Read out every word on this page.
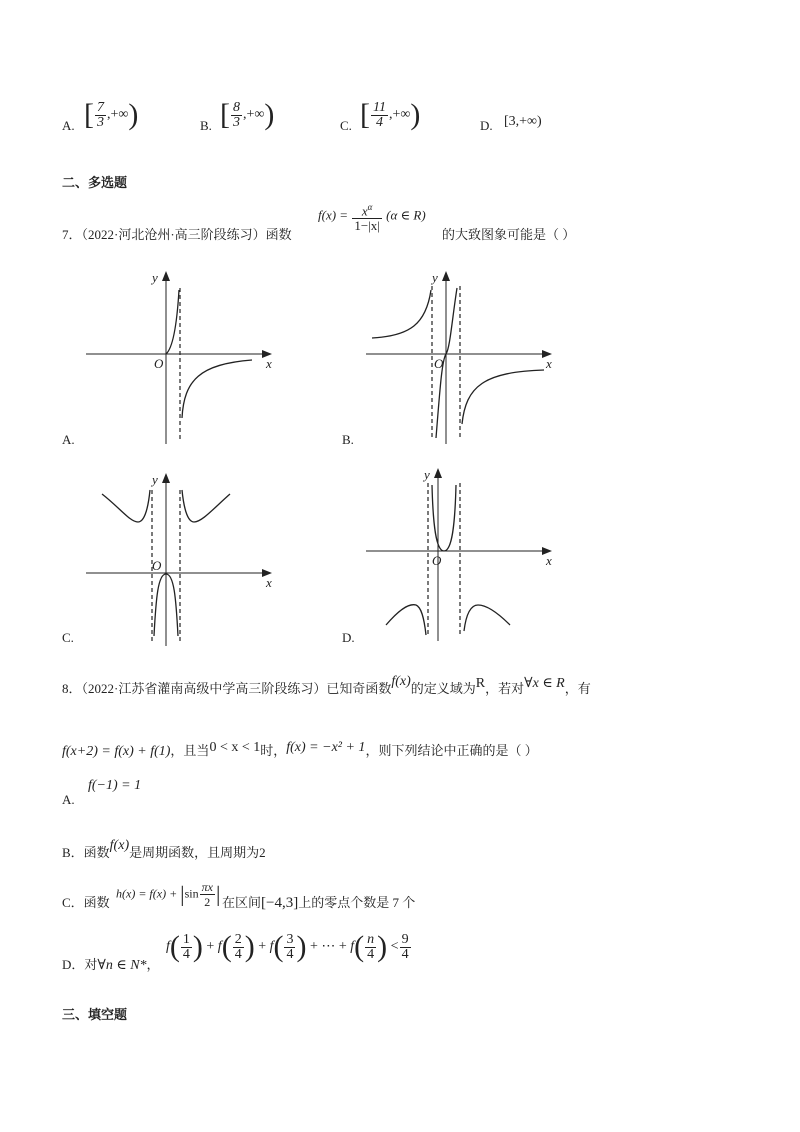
A. [ $\frac{7}{3}$ ,+∞)	B. [ $\frac{8}{3}$ ,+∞)	C. [ $\frac{11}{4}$ ,+∞)	D. [3,+∞)
二、多选题
7．（2022·河北沧州·高三阶段练习）函数
$f(x) = \frac{x^\alpha}{1-|x|} (\alpha$ ∈ R)
的大致图象可能是（ ）
y
x
O
A.
y
x
O
B.
y
x
O
C.
y
x
O
D.
8．（2022·江苏省灌南高级中学高三阶段练习）已知奇函数f(x)的定义域为R，若对∀x ∈ R，有
f(x+2) = f(x) + f(1)，且当0 < x < 1时，f(x) = −x² + 1，则下列结论中正确的是（ ）
A.
f(−1) = 1
B．函数f(x)是周期函数，且周期为2
C．函数
$h(x) = f(x) + |\sin \frac{\pi x}{2}$ | 在区间[−4,3]上的零点个数是 7 个
D．对∀n ∈ N*，
$f( \frac{1}{4}$ ) + $f( \frac{2}{4}$ ) + $f( \frac{3}{4}$ ) + ⋯ + $f( \frac{n}{4}$ ) < $\frac{9}{4}$
三、填空题
